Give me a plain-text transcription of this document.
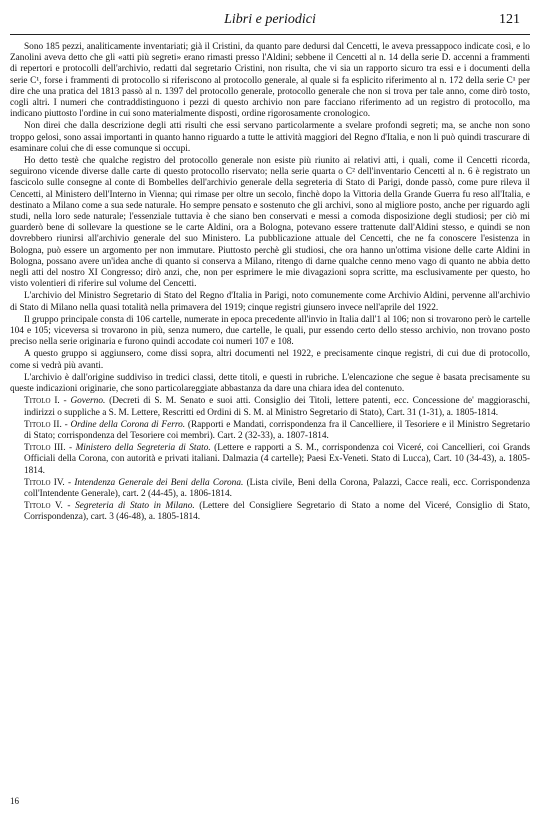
Libri e periodici	121

Sono 185 pezzi, analiticamente inventariati; già il Cristini, da quanto pare dedursi dal Cencetti, le aveva pressappoco indicate così, e lo Zanolini aveva detto che gli «atti più segreti» erano rimasti presso l'Aldini; sebbene il Cencetti al n. 14 della serie D. accenni a frammenti di repertori e protocolli dell'archivio, redatti dal segretario Cristini, non risulta, che vi sia un rapporto sicuro tra essi e i documenti della serie C¹, forse i frammenti di protocollo si riferiscono al protocollo generale, al quale si fa esplicito riferimento al n. 172 della serie C¹ per dire che una pratica del 1813 passò al n. 1397 del protocollo generale, protocollo generale che non si trova per tale anno, come dirò tosto, cogli altri. I numeri che contraddistinguono i pezzi di questo archivio non pare facciano riferimento ad un registro di protocollo, ma indicano piuttosto l'ordine in cui sono materialmente disposti, ordine rigorosamente cronologico.

Non direi che dalla descrizione degli atti risulti che essi servano particolarmente a svelare profondi segreti; ma, se anche non sono troppo gelosi, sono assai importanti in quanto hanno riguardo a tutte le attività maggiori del Regno d'Italia, e non li può quindi trascurare di esaminare colui che di esse comunque si occupi.

Ho detto testè che qualche registro del protocollo generale non esiste più riunito ai relativi atti, i quali, come il Cencetti ricorda, seguirono vicende diverse dalle carte di questo protocollo riservato; nella serie quarta o C² dell'inventario Cencetti al n. 6 è registrato un fascicolo sulle consegne al conte di Bombelles dell'archivio generale della segreteria di Stato di Parigi, donde passò, come pure rileva il Cencetti, al Ministero dell'Interno in Vienna; qui rimase per oltre un secolo, finchè dopo la Vittoria della Grande Guerra fu reso all'Italia, e destinato a Milano come a sua sede naturale. Ho sempre pensato e sostenuto che gli archivi, sono al migliore posto, anche per riguardo agli studi, nella loro sede naturale; l'essenziale tuttavia è che siano ben conservati e messi a comoda disposizione degli studiosi; per ciò mi guarderò bene di sollevare la questione se le carte Aldini, ora a Bologna, potevano essere trattenute dall'Aldini stesso, e quindi se non dovrebbero riunirsi all'archivio generale del suo Ministero. La pubblicazione attuale del Cencetti, che ne fa conoscere l'esistenza in Bologna, può essere un argomento per non immutare. Piuttosto perchè gli studiosi, che ora hanno un'ottima visione delle carte Aldini in Bologna, possano avere un'idea anche di quanto si conserva a Milano, ritengo di darne qualche cenno meno vago di quanto ne abbia detto negli atti del nostro XI Congresso; dirò anzi, che, non per esprimere le mie divagazioni sopra scritte, ma esclusivamente per questo, ho visto volentieri di riferire sul volume del Cencetti.

L'archivio del Ministro Segretario di Stato del Regno d'Italia in Parigi, noto comunemente come Archivio Aldini, pervenne all'archivio di Stato di Milano nella quasi totalità nella primavera del 1919; cinque registri giunsero invece nell'aprile del 1922.

Il gruppo principale consta di 106 cartelle, numerate in epoca precedente all'invio in Italia dall'1 al 106; non si trovarono però le cartelle 104 e 105; viceversa si trovarono in più, senza numero, due cartelle, le quali, pur essendo certo dello stesso archivio, non trovano posto preciso nella serie originaria e furono quindi accodate coi numeri 107 e 108.

A questo gruppo si aggiunsero, come dissi sopra, altri documenti nel 1922, e precisamente cinque registri, di cui due di protocollo, come si vedrà più avanti.

L'archivio è dall'origine suddiviso in tredici classi, dette titoli, e questi in rubriche. L'elencazione che segue è basata precisamente su queste indicazioni originarie, che sono particolareggiate abbastanza da dare una chiara idea del contenuto.

Titolo I. - Governo. (Decreti di S. M. Senato e suoi atti. Consiglio dei Titoli, lettere patenti, ecc. Concessione de' maggioraschi, indirizzi o suppliche a S. M. Lettere, Rescritti ed Ordini di S. M. al Ministro Segretario di Stato), Cart. 31 (1-31), a. 1805-1814.

Titolo II. - Ordine della Corona di Ferro. (Rapporti e Mandati, corrispondenza fra il Cancelliere, il Tesoriere e il Ministro Segretario di Stato; corrispondenza del Tesoriere coi membri). Cart. 2 (32-33), a. 1807-1814.

Titolo III. - Ministero della Segreteria di Stato. (Lettere e rapporti a S. M., corrispondenza coi Viceré, coi Cancellieri, coi Grands Officiali della Corona, con autorità e privati italiani. Dalmazia (4 cartelle); Paesi Ex-Veneti. Stato di Lucca), Cart. 10 (34-43), a. 1805-1814.

Titolo IV. - Intendenza Generale dei Beni della Corona. (Lista civile, Beni della Corona, Palazzi, Cacce reali, ecc. Corrispondenza coll'Intendente Generale), cart. 2 (44-45), a. 1806-1814.

Titolo V. - Segreteria di Stato in Milano. (Lettere del Consigliere Segretario di Stato a nome del Viceré, Consiglio di Stato, Corrispondenza), cart. 3 (46-48), a. 1805-1814.

16
